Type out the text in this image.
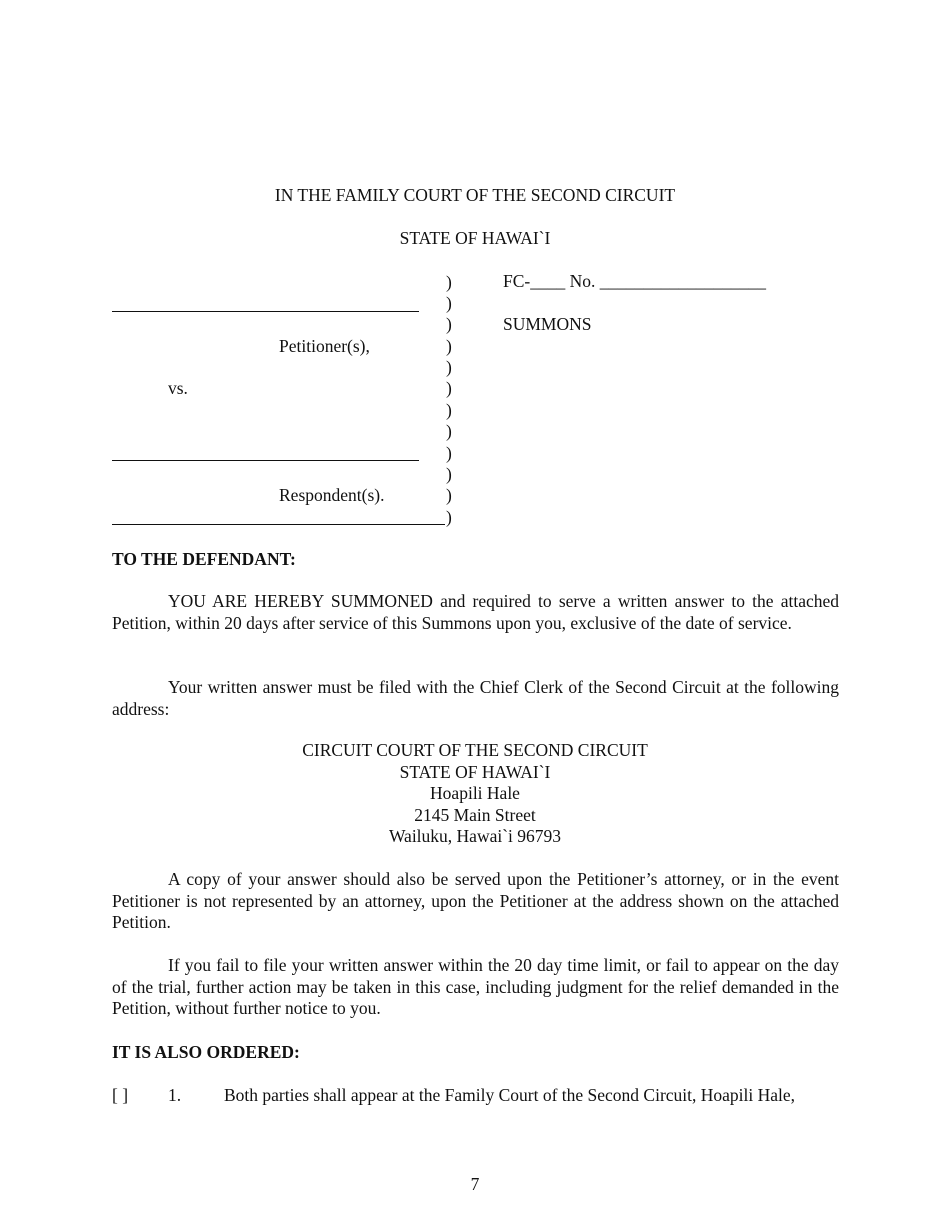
IN THE FAMILY COURT OF THE SECOND CIRCUIT
STATE OF HAWAI`I
Petitioner(s),
vs.
Respondent(s).
)
)
)
)
)
)
)
)
)
)
)
)
FC-____ No. ___________________
SUMMONS
TO THE DEFENDANT:
YOU ARE HEREBY SUMMONED and required to serve a written answer to the attached Petition, within 20 days after service of this Summons upon you, exclusive of the date of service.
Your written answer must be filed with the Chief Clerk of the Second Circuit at the following address:
CIRCUIT COURT OF THE SECOND CIRCUIT
STATE OF HAWAI`I
Hoapili Hale
2145 Main Street
Wailuku, Hawai`i 96793
A copy of your answer should also be served upon the Petitioner’s attorney, or in the event Petitioner is not represented by an attorney, upon the Petitioner at the address shown on the attached Petition.
If you fail to file your written answer within the 20 day time limit, or fail to appear on the day of the trial, further action may be taken in this case, including judgment for the relief demanded in the Petition, without further notice to you.
IT IS ALSO ORDERED:
[ ] 1. Both parties shall appear at the Family Court of the Second Circuit, Hoapili Hale,
7
